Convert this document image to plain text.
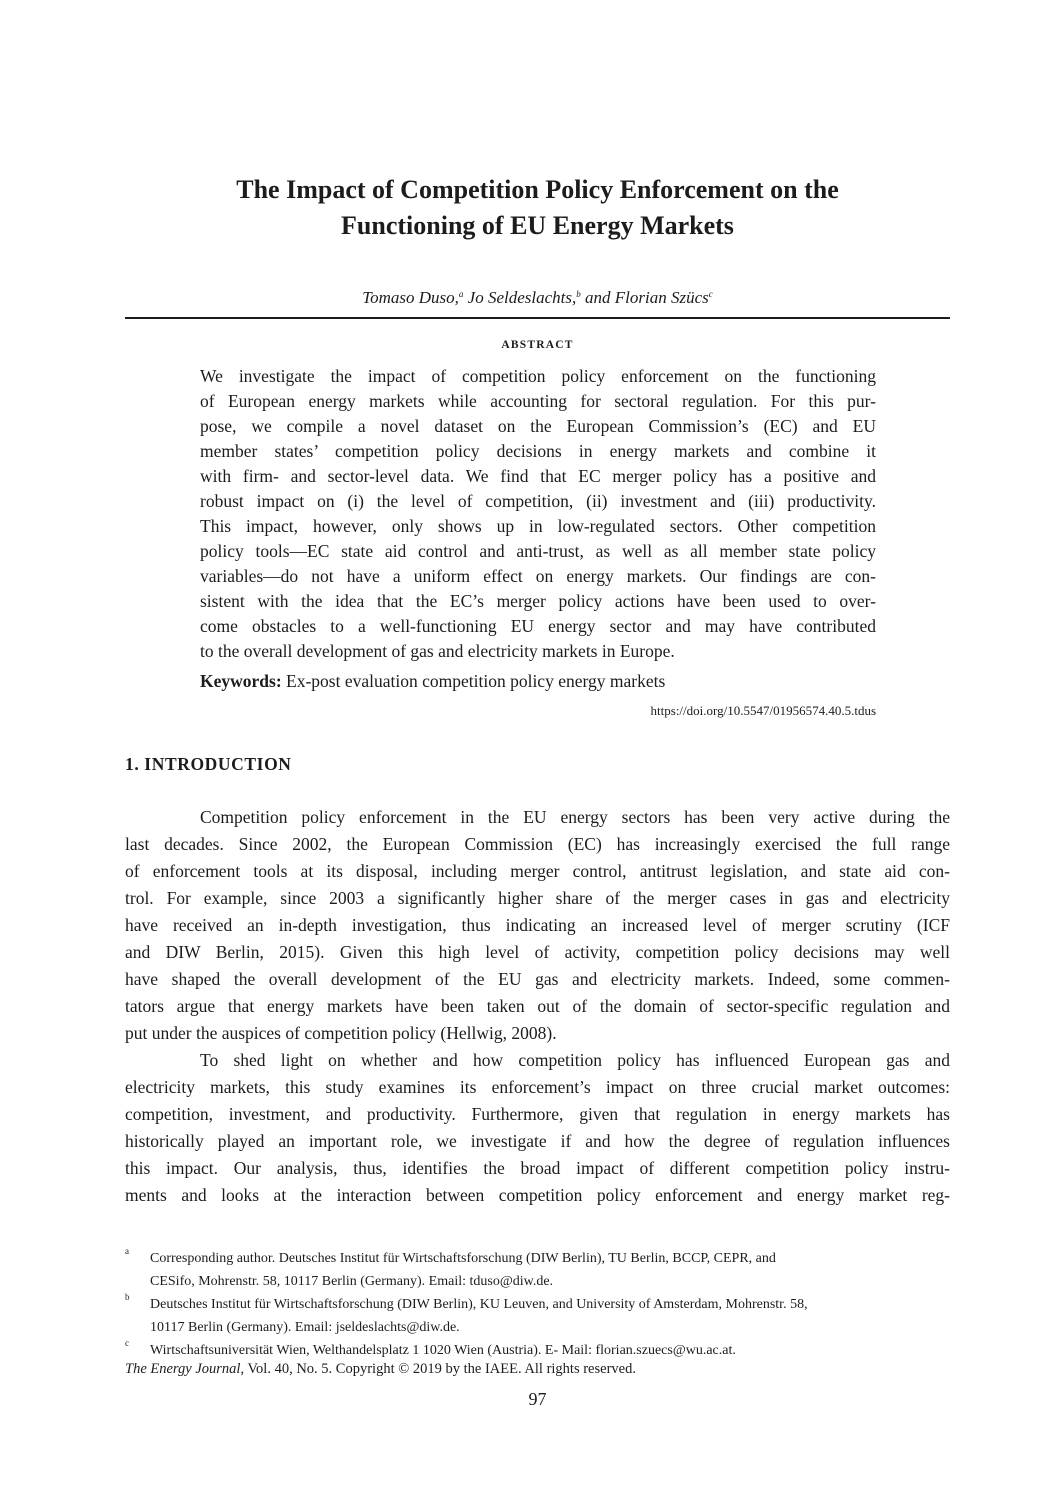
The Impact of Competition Policy Enforcement on the
Functioning of EU Energy Markets
Tomaso Duso,$^a$ Jo Seldeslachts,$^b$ and Florian Szücs$^c$
ABSTRACT
We investigate the impact of competition policy enforcement on the functioning
of European energy markets while accounting for sectoral regulation. For this pur-
pose, we compile a novel dataset on the European Commission’s (EC) and EU
member states’ competition policy decisions in energy markets and combine it
with firm- and sector-level data. We find that EC merger policy has a positive and
robust impact on (i) the level of competition, (ii) investment and (iii) productivity.
This impact, however, only shows up in low-regulated sectors. Other competition
policy tools—EC state aid control and anti-trust, as well as all member state policy
variables—do not have a uniform effect on energy markets. Our findings are con-
sistent with the idea that the EC’s merger policy actions have been used to over-
come obstacles to a well-functioning EU energy sector and may have contributed
to the overall development of gas and electricity markets in Europe.
Keywords: Ex-post evaluation competition policy energy markets
https://doi.org/10.5547/01956574.40.5.tdus
1. INTRODUCTION
Competition policy enforcement in the EU energy sectors has been very active during the
last decades. Since 2002, the European Commission (EC) has increasingly exercised the full range
of enforcement tools at its disposal, including merger control, antitrust legislation, and state aid con-
trol. For example, since 2003 a significantly higher share of the merger cases in gas and electricity
have received an in-depth investigation, thus indicating an increased level of merger scrutiny (ICF
and DIW Berlin, 2015). Given this high level of activity, competition policy decisions may well
have shaped the overall development of the EU gas and electricity markets. Indeed, some commen-
tators argue that energy markets have been taken out of the domain of sector-specific regulation and
put under the auspices of competition policy (Hellwig, 2008).
To shed light on whether and how competition policy has influenced European gas and
electricity markets, this study examines its enforcement’s impact on three crucial market outcomes:
competition, investment, and productivity. Furthermore, given that regulation in energy markets has
historically played an important role, we investigate if and how the degree of regulation influences
this impact. Our analysis, thus, identifies the broad impact of different competition policy instru-
ments and looks at the interaction between competition policy enforcement and energy market reg-
a Corresponding author. Deutsches Institut für Wirtschaftsforschung (DIW Berlin), TU Berlin, BCCP, CEPR, and
CESifo, Mohrenstr. 58, 10117 Berlin (Germany). Email: tduso@diw.de.
b Deutsches Institut für Wirtschaftsforschung (DIW Berlin), KU Leuven, and University of Amsterdam, Mohrenstr. 58,
10117 Berlin (Germany). Email: jseldeslachts@diw.de.
c Wirtschaftsuniversität Wien, Welthandelsplatz 1 1020 Wien (Austria). E- Mail: florian.szuecs@wu.ac.at.
The Energy Journal, Vol. 40, No. 5. Copyright © 2019 by the IAEE. All rights reserved.
97
